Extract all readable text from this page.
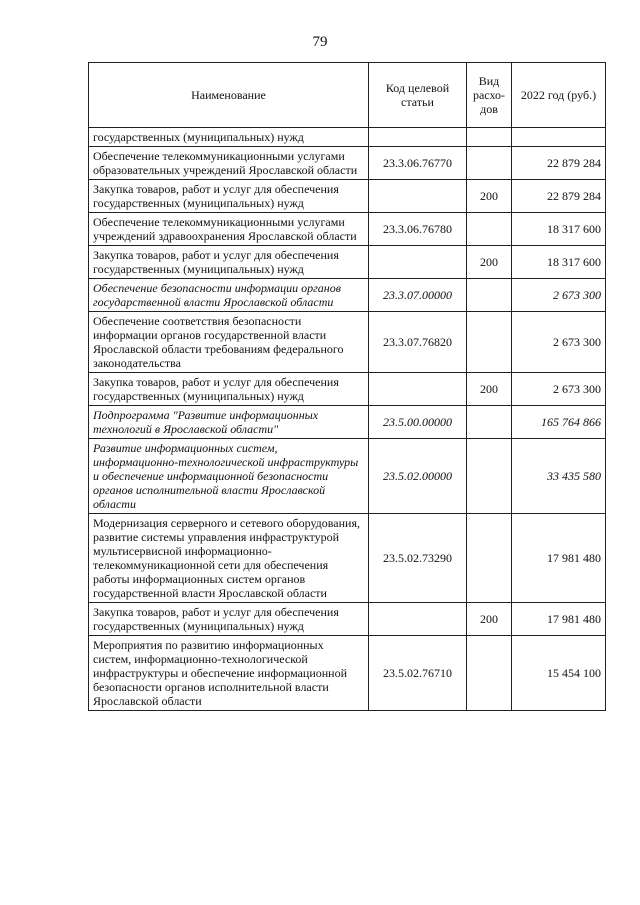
79
Наименование	Код целевой статьи	Вид расхо-дов	2022 год (руб.)
государственных (муниципальных) нужд			
Обеспечение телекоммуникационными услугами образовательных учреждений Ярославской области	23.3.06.76770		22 879 284
Закупка товаров, работ и услуг для обеспечения государственных (муниципальных) нужд		200	22 879 284
Обеспечение телекоммуникационными услугами учреждений здравоохранения Ярославской области	23.3.06.76780		18 317 600
Закупка товаров, работ и услуг для обеспечения государственных (муниципальных) нужд		200	18 317 600
Обеспечение безопасности информации органов государственной власти Ярославской области	23.3.07.00000		2 673 300
Обеспечение соответствия безопасности информации органов государственной власти Ярославской области требованиям федерального законодательства	23.3.07.76820		2 673 300
Закупка товаров, работ и услуг для обеспечения государственных (муниципальных) нужд		200	2 673 300
Подпрограмма "Развитие информационных технологий в Ярославской области"	23.5.00.00000		165 764 866
Развитие информационных систем, информационно-технологической инфраструктуры и обеспечение информационной безопасности органов исполнительной власти Ярославской области	23.5.02.00000		33 435 580
Модернизация серверного и сетевого оборудования, развитие системы управления инфраструктурой мультисервисной информационно-телекоммуникационной сети для обеспечения работы информационных систем органов государственной власти Ярославской области	23.5.02.73290		17 981 480
Закупка товаров, работ и услуг для обеспечения государственных (муниципальных) нужд		200	17 981 480
Мероприятия по развитию информационных систем, информационно-технологической инфраструктуры и обеспечение информационной безопасности органов исполнительной власти Ярославской области	23.5.02.76710		15 454 100
